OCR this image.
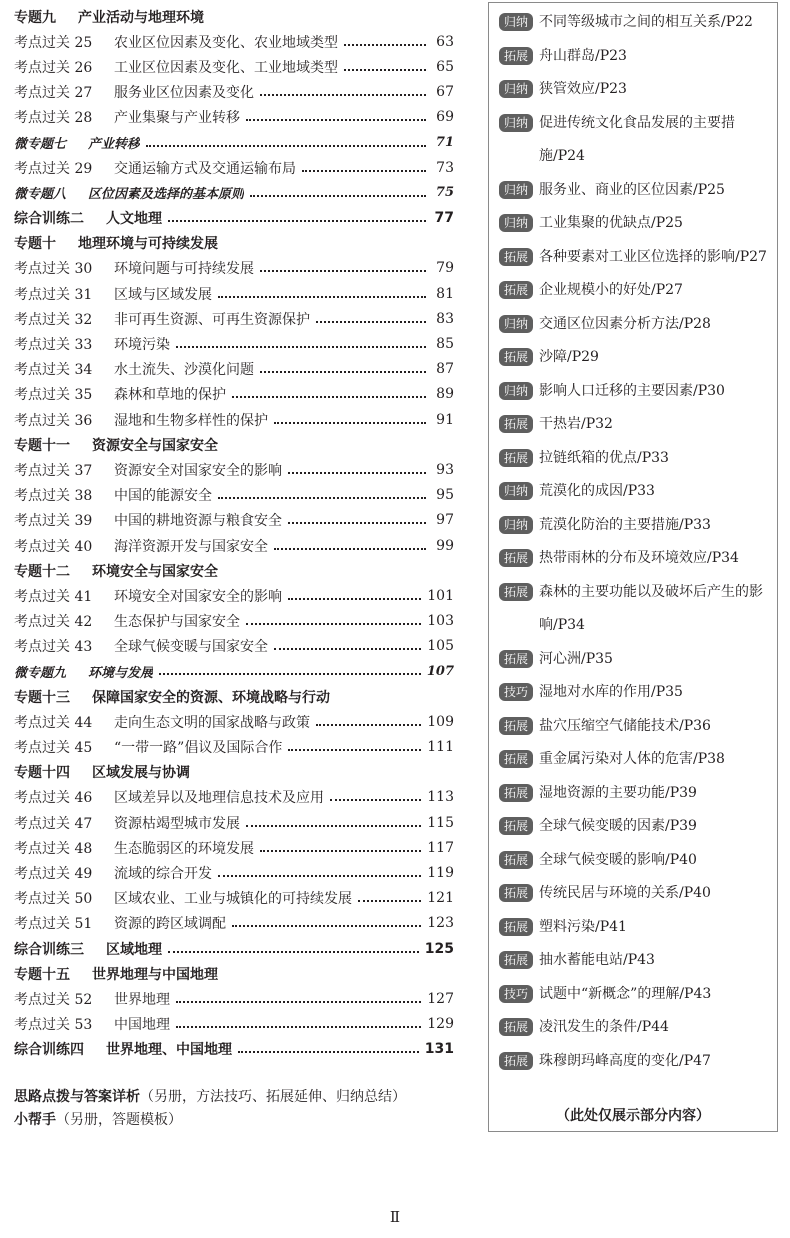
专题九 产业活动与地理环境
考点过关 25	农业区位因素及变化、农业地域类型	63
考点过关 26	工业区位因素及变化、工业地域类型	65
考点过关 27	服务业区位因素及变化	67
考点过关 28	产业集聚与产业转移	69
微专题七 产业转移	71
考点过关 29	交通运输方式及交通运输布局	73
微专题八 区位因素及选择的基本原则	75
综合训练二 人文地理	77
专题十 地理环境与可持续发展
考点过关 30	环境问题与可持续发展	79
考点过关 31	区域与区域发展	81
考点过关 32	非可再生资源、可再生资源保护	83
考点过关 33	环境污染	85
考点过关 34	水土流失、沙漠化问题	87
考点过关 35	森林和草地的保护	89
考点过关 36	湿地和生物多样性的保护	91
专题十一 资源安全与国家安全
考点过关 37	资源安全对国家安全的影响	93
考点过关 38	中国的能源安全	95
考点过关 39	中国的耕地资源与粮食安全	97
考点过关 40	海洋资源开发与国家安全	99
专题十二 环境安全与国家安全
考点过关 41	环境安全对国家安全的影响	101
考点过关 42	生态保护与国家安全	103
考点过关 43	全球气候变暖与国家安全	105
微专题九 环境与发展	107
专题十三 保障国家安全的资源、环境战略与行动
考点过关 44	走向生态文明的国家战略与政策	109
考点过关 45	“一带一路”倡议及国际合作	111
专题十四 区域发展与协调
考点过关 46	区域差异以及地理信息技术及应用	113
考点过关 47	资源枯竭型城市发展	115
考点过关 48	生态脆弱区的环境发展	117
考点过关 49	流域的综合开发	119
考点过关 50	区域农业、工业与城镇化的可持续发展	121
考点过关 51	资源的跨区域调配	123
综合训练三 区域地理	125
专题十五 世界地理与中国地理
考点过关 52	世界地理	127
考点过关 53	中国地理	129
综合训练四 世界地理、中国地理	131
思路点拨与答案详析（另册，方法技巧、拓展延伸、归纳总结）
小帮手（另册，答题模板）
归纳 不同等级城市之间的相互关系/P22
拓展 舟山群岛/P23
归纳 狭管效应/P23
归纳 促进传统文化食品发展的主要措施/P24
归纳 服务业、商业的区位因素/P25
归纳 工业集聚的优缺点/P25
拓展 各种要素对工业区位选择的影响/P27
拓展 企业规模小的好处/P27
归纳 交通区位因素分析方法/P28
拓展 沙障/P29
归纳 影响人口迁移的主要因素/P30
拓展 干热岩/P32
拓展 拉链纸箱的优点/P33
归纳 荒漠化的成因/P33
归纳 荒漠化防治的主要措施/P33
拓展 热带雨林的分布及环境效应/P34
拓展 森林的主要功能以及破坏后产生的影响/P34
拓展 河心洲/P35
技巧 湿地对水库的作用/P35
拓展 盐穴压缩空气储能技术/P36
拓展 重金属污染对人体的危害/P38
拓展 湿地资源的主要功能/P39
拓展 全球气候变暖的因素/P39
拓展 全球气候变暖的影响/P40
拓展 传统民居与环境的关系/P40
拓展 塑料污染/P41
拓展 抽水蓄能电站/P43
技巧 试题中“新概念”的理解/P43
拓展 凌汛发生的条件/P44
拓展 珠穆朗玛峰高度的变化/P47
（此处仅展示部分内容）
Ⅱ
